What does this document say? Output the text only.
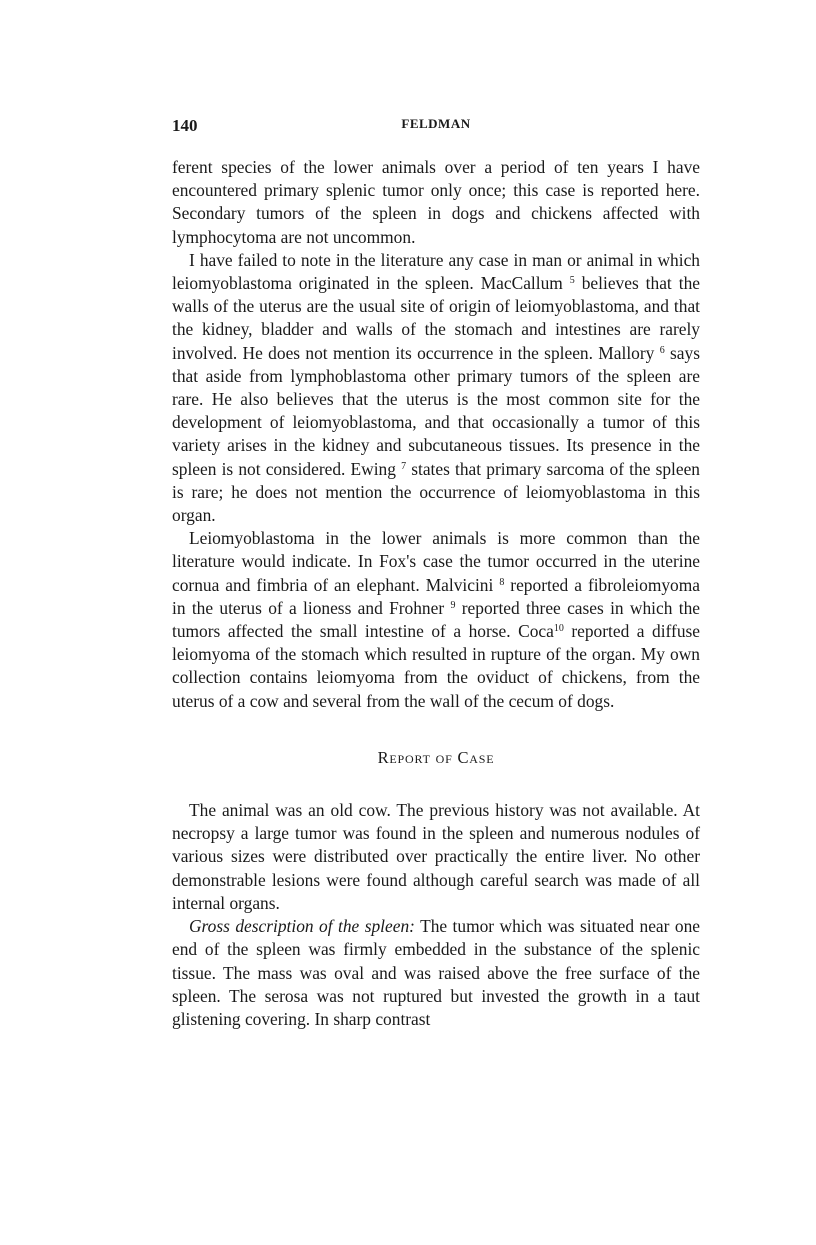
140	FELDMAN

ferent species of the lower animals over a period of ten years I have encountered primary splenic tumor only once; this case is reported here. Secondary tumors of the spleen in dogs and chickens affected with lymphocytoma are not uncommon.

I have failed to note in the literature any case in man or animal in which leiomyoblastoma originated in the spleen. MacCallum $^5$ believes that the walls of the uterus are the usual site of origin of leiomyoblastoma, and that the kidney, bladder and walls of the stomach and intestines are rarely involved. He does not mention its occurrence in the spleen. Mallory $^6$ says that aside from lymphoblastoma other primary tumors of the spleen are rare. He also believes that the uterus is the most common site for the development of leiomyoblastoma, and that occasionally a tumor of this variety arises in the kidney and subcutaneous tissues. Its presence in the spleen is not considered. Ewing $^7$ states that primary sarcoma of the spleen is rare; he does not mention the occurrence of leiomyoblastoma in this organ.

Leiomyoblastoma in the lower animals is more common than the literature would indicate. In Fox's case the tumor occurred in the uterine cornua and fimbria of an elephant. Malvicini $^8$ reported a fibroleiomyoma in the uterus of a lioness and Frohner $^9$ reported three cases in which the tumors affected the small intestine of a horse. Coca$^{10}$ reported a diffuse leiomyoma of the stomach which resulted in rupture of the organ. My own collection contains leiomyoma from the oviduct of chickens, from the uterus of a cow and several from the wall of the cecum of dogs.

Report of Case

The animal was an old cow. The previous history was not available. At necropsy a large tumor was found in the spleen and numerous nodules of various sizes were distributed over practically the entire liver. No other demonstrable lesions were found although careful search was made of all internal organs.

Gross description of the spleen: The tumor which was situated near one end of the spleen was firmly embedded in the substance of the splenic tissue. The mass was oval and was raised above the free surface of the spleen. The serosa was not ruptured but invested the growth in a taut glistening covering. In sharp contrast
